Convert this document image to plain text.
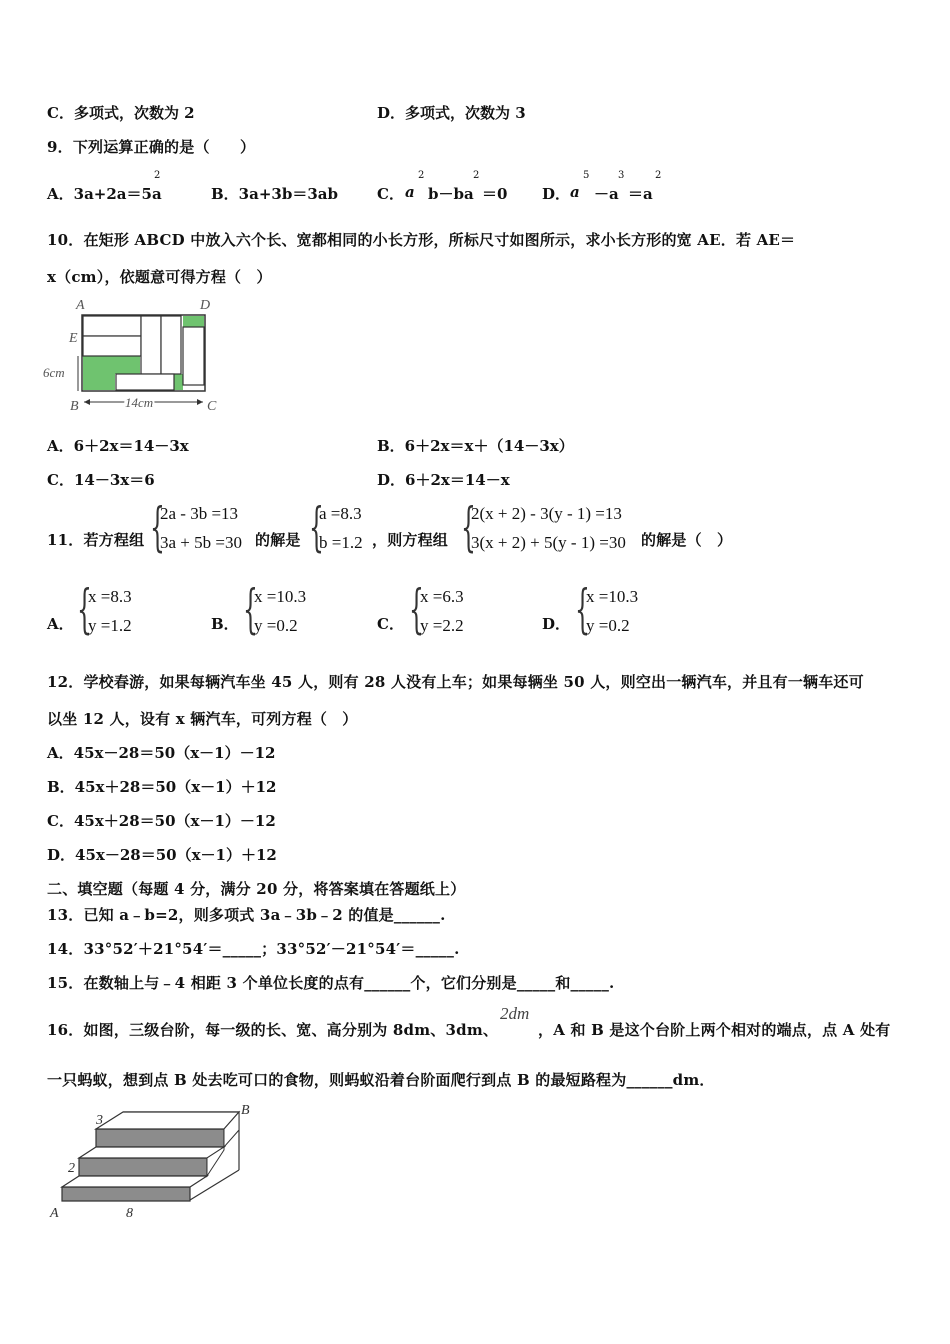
C．多项式，次数为 2	D．多项式，次数为 3
9．下列运算正确的是（　　）
A．3a+2a＝5a
2
B．3a+3b＝3ab	C． a
2
b－ba
2
＝0 D． a
5
－a
3
＝a
2
10．在矩形 ABCD 中放入六个长、宽都相同的小长方形，所标尺寸如图所示，求小长方形的宽 AE．若 AE＝
x（cm），依题意可得方程（　）
A	D
E
6cm
B	C
14cm
A．6＋2x＝14－3x	B．6＋2x＝x＋（14－3x）
C．14－3x＝6	D．6＋2x＝14－x
11．若方程组 {
2a - 3b =13
3a + 5b =30 的解是 {
a =8.3
b =1.2 ，则方程组 {
2(x + 2) - 3(y - 1) =13
3(x + 2) + 5(y - 1) =30 的解是（　）
A． {
x =8.3
y =1.2	B． {
x =10.3
y =0.2	C． {
x =6.3
y =2.2	D． {
x =10.3
y =0.2
12．学校春游，如果每辆汽车坐 45 人，则有 28 人没有上车；如果每辆坐 50 人，则空出一辆汽车，并且有一辆车还可
以坐 12 人，设有 x 辆汽车，可列方程（　）
A．45x－28＝50（x－1）－12
B．45x＋28＝50（x－1）＋12
C．45x＋28＝50（x－1）－12
D．45x－28＝50（x－1）＋12
二、填空题（每题 4 分，满分 20 分，将答案填在答题纸上）
13．已知 a﹣b=2，则多项式 3a﹣3b﹣2 的值是______.
14．33°52′＋21°54′＝_____；33°52′－21°54′＝_____.
15．在数轴上与﹣4 相距 3 个单位长度的点有______个，它们分别是_____和_____.
16．如图，三级台阶，每一级的长、宽、高分别为 8dm、3dm、
2dm
，A 和 B 是这个台阶上两个相对的端点，点 A 处有
一只蚂蚁，想到点 B 处去吃可口的食物，则蚂蚁沿着台阶面爬行到点 B 的最短路程为______dm．
3
2
8
A
B
